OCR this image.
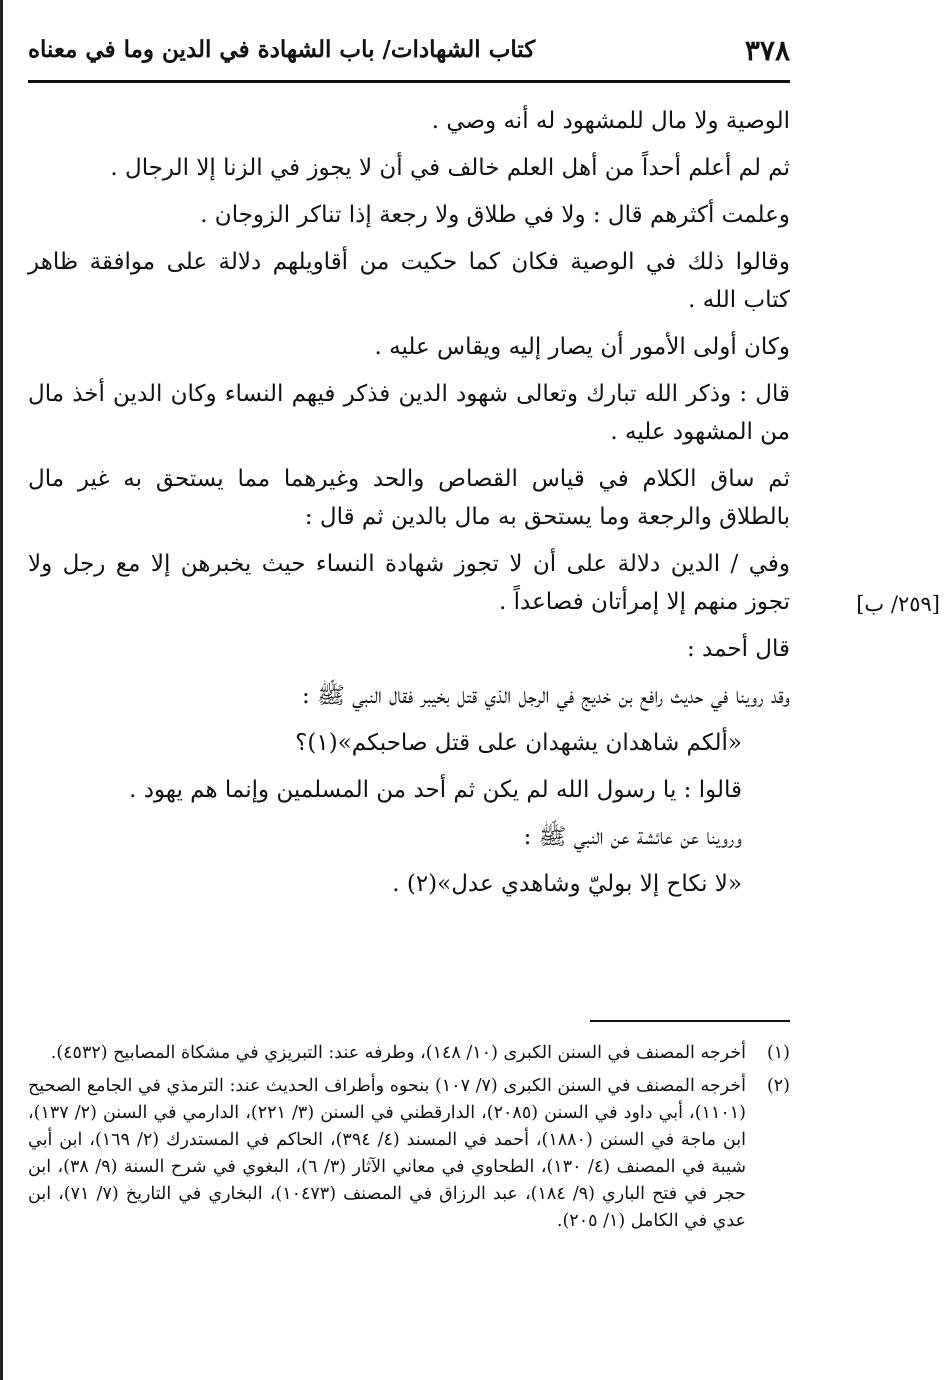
٣٧٨
كتاب الشهادات/ باب الشهادة في الدين وما في معناه

الوصية ولا مال للمشهود له أنه وصي .

ثم لم أعلم أحداً من أهل العلم خالف في أن لا يجوز في الزنا إلا الرجال .

وعلمت أكثرهم قال : ولا في طلاق ولا رجعة إذا تناكر الزوجان .

وقالوا ذلك في الوصية فكان كما حكيت من أقاويلهم دلالة على موافقة ظاهر كتاب الله .

وكان أولى الأمور أن يصار إليه ويقاس عليه .

قال : وذكر الله تبارك وتعالى شهود الدين فذكر فيهم النساء وكان الدين أخذ مال من المشهود عليه .

ثم ساق الكلام في قياس القصاص والحد وغيرهما مما يستحق به غير مال بالطلاق والرجعة وما يستحق به مال بالدين ثم قال :

وفي / الدين دلالة على أن لا تجوز شهادة النساء حيث يخبرهن إلا مع رجل ولا تجوز منهم إلا إمرأتان فصاعداً .

قال أحمد :

وقد روينا في حديث رافع بن خديج في الرجل الذي قتل بخيبر فقال النبي ﷺ :

«ألكم شاهدان يشهدان على قتل صاحبكم»(١)؟

قالوا : يا رسول الله لم يكن ثم أحد من المسلمين وإنما هم يهود .

وروينا عن عائشة عن النبي ﷺ :

«لا نكاح إلا بوليّ وشاهدي عدل»(٢) .

[٢٥٩/ ب]
(١)
أخرجه المصنف في السنن الكبرى (١٠/ ١٤٨)، وطرفه عند: التبريزي في مشكاة المصابيح (٤٥٣٢).
(٢)
أخرجه المصنف في السنن الكبرى (٧/ ١٠٧) بنحوه وأطراف الحديث عند: الترمذي في الجامع الصحيح (١١٠١)، أبي داود في السنن (٢٠٨٥)، الدارقطني في السنن (٣/ ٢٢١)، الدارمي في السنن (٢/ ١٣٧)، ابن ماجة في السنن (١٨٨٠)، أحمد في المسند (٤/ ٣٩٤)، الحاكم في المستدرك (٢/ ١٦٩)، ابن أبي شيبة في المصنف (٤/ ١٣٠)، الطحاوي في معاني الآثار (٣/ ٦)، البغوي في شرح السنة (٩/ ٣٨)، ابن حجر في فتح الباري (٩/ ١٨٤)، عبد الرزاق في المصنف (١٠٤٧٣)، البخاري في التاريخ (٧/ ٧١)، ابن عدي في الكامل (١/ ٢٠٥).
